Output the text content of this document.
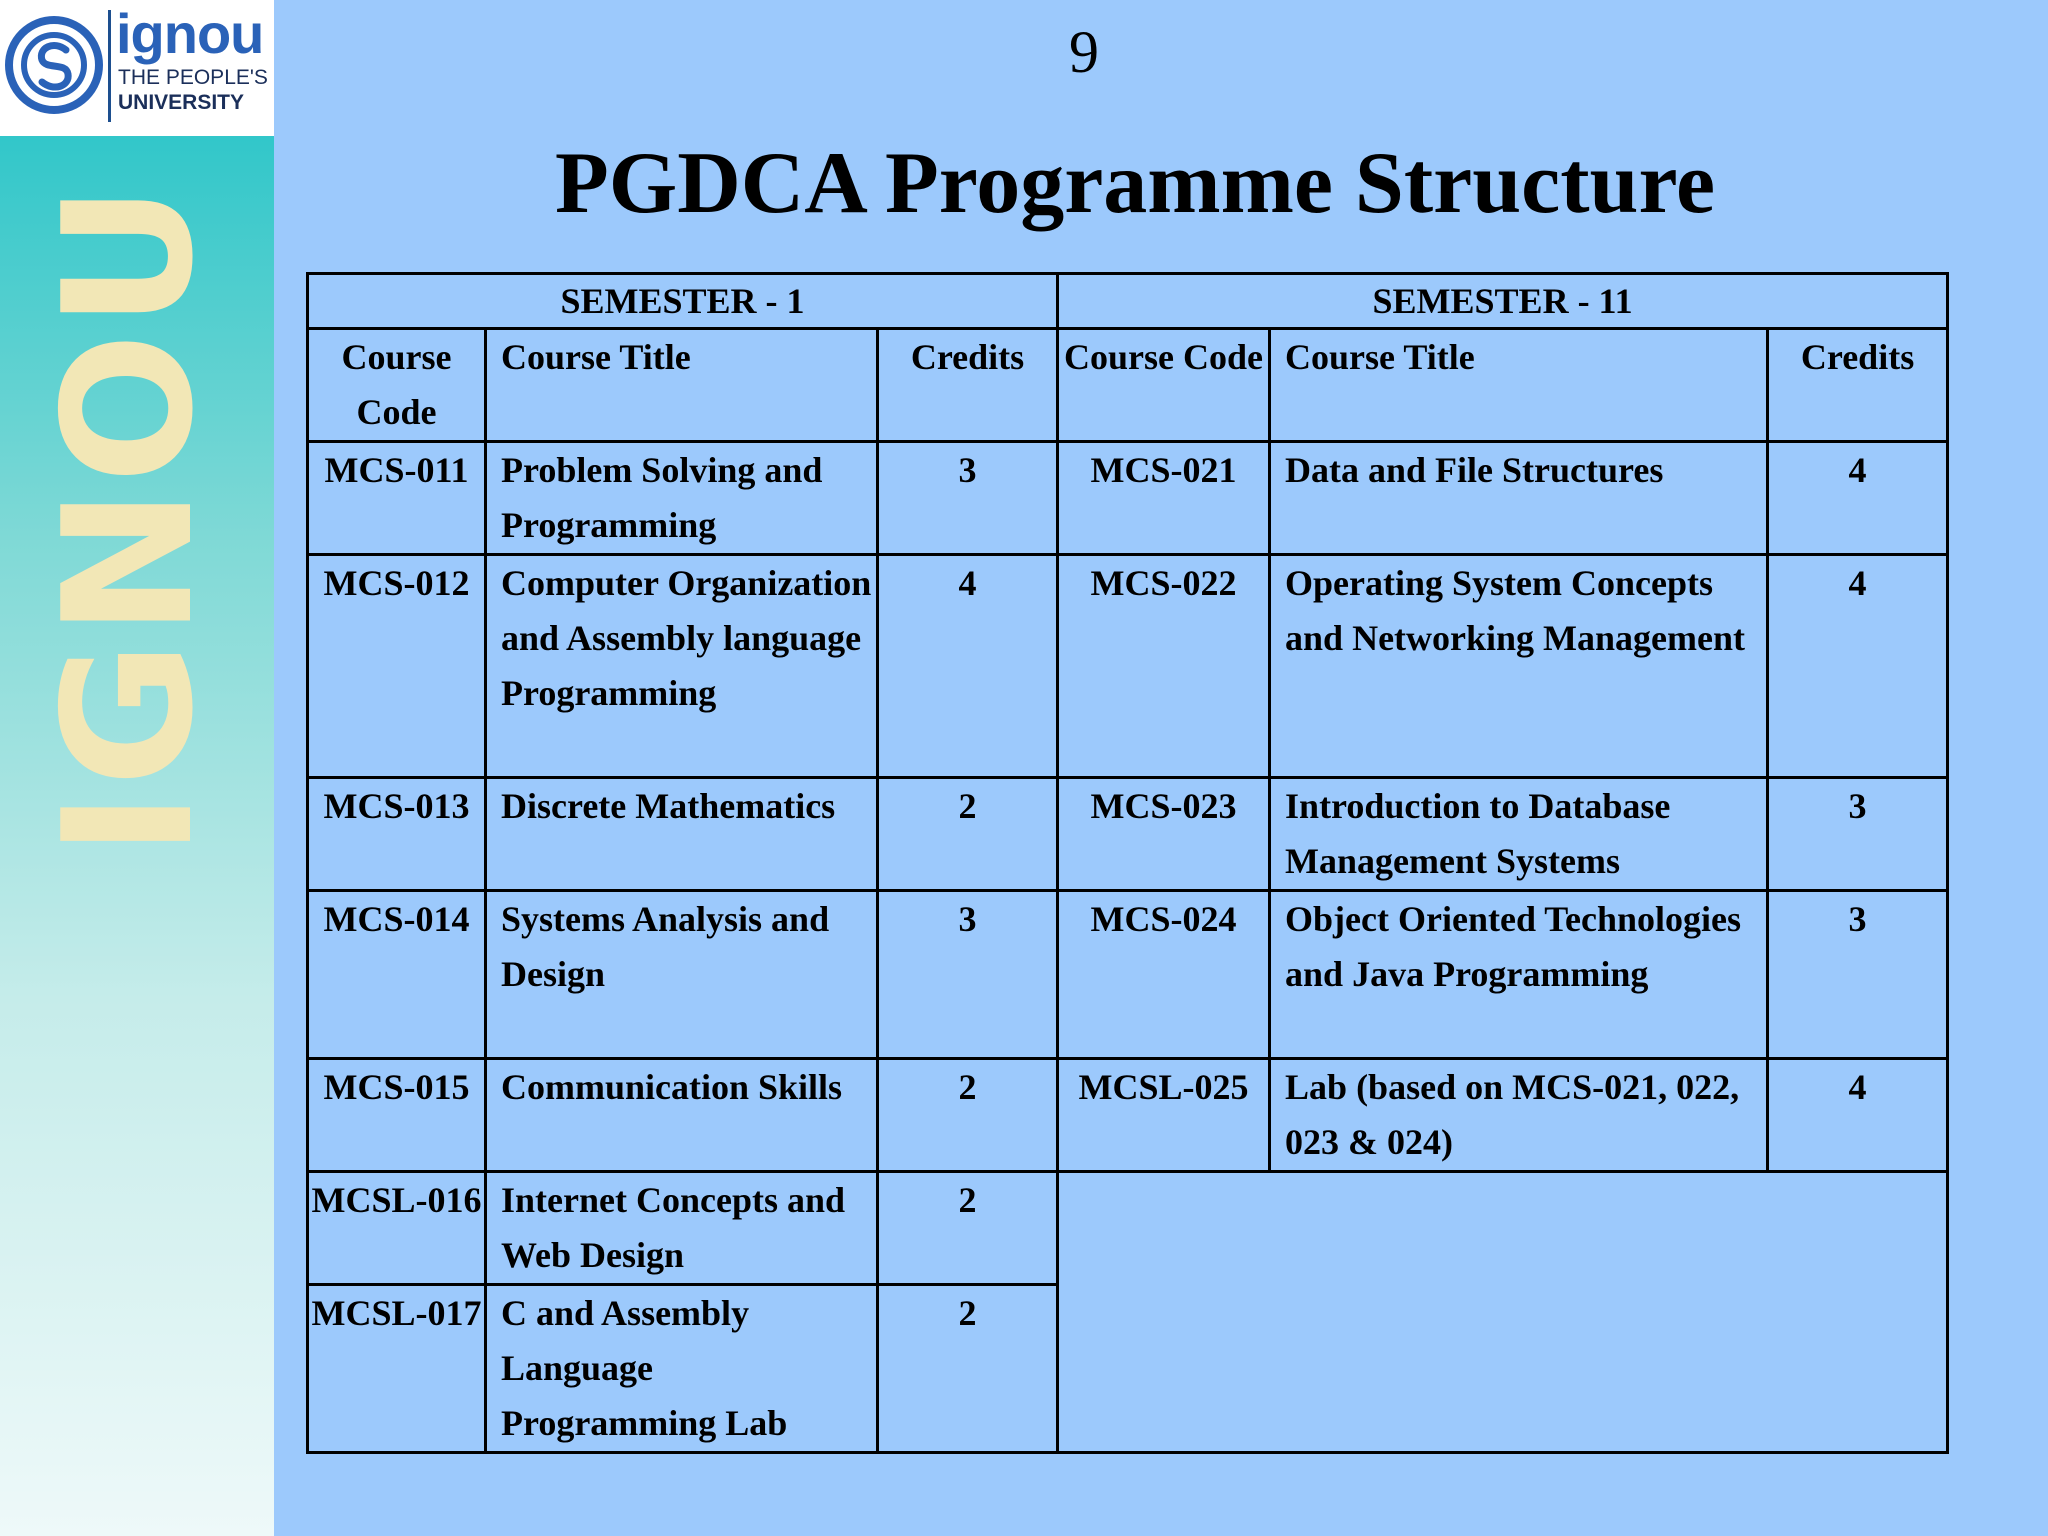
ignou
THE PEOPLE'S
UNIVERSITY
IGNOU
9
PGDCA Programme Structure
SEMESTER - 1			SEMESTER - 11		
Course Code	Course Title	Credits	Course Code	Course Title	Credits
MCS-011	Problem Solving and Programming	3	MCS-021	Data and File Structures	4
MCS-012	Computer Organization and Assembly language Programming	4	MCS-022	Operating System Concepts and Networking Management	4
MCS-013	Discrete Mathematics	2	MCS-023	Introduction to Database Management Systems	3
MCS-014	Systems Analysis and Design	3	MCS-024	Object Oriented Technologies and Java Programming	3
MCS-015	Communication Skills	2	MCSL-025	Lab (based on MCS-021, 022, 023 & 024)	4
MCSL-016	Internet Concepts and Web Design	2			
MCSL-017	C and Assembly Language Programming Lab	2			
